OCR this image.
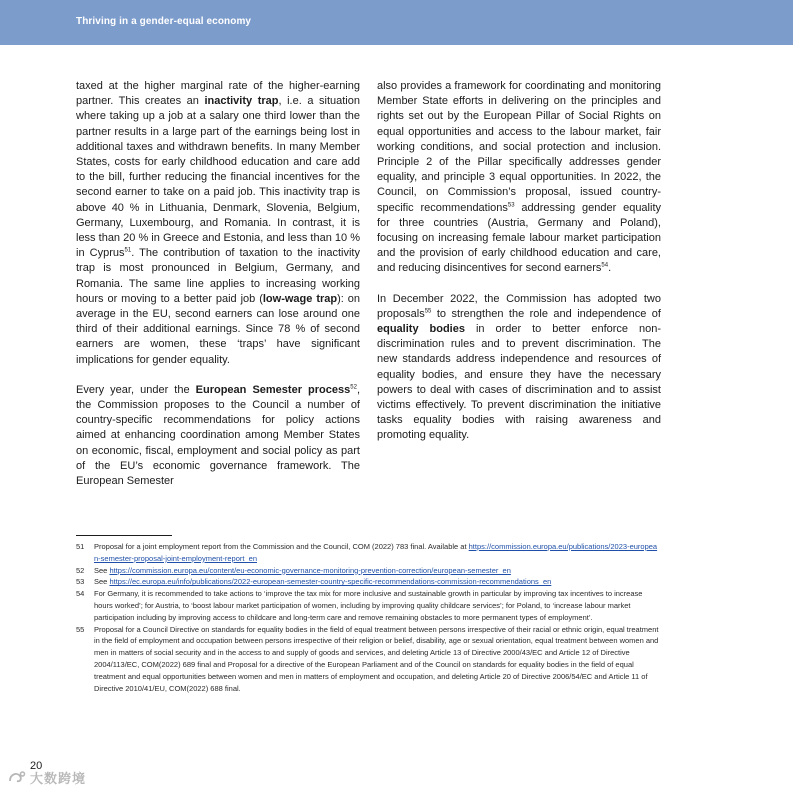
Thriving in a gender-equal economy

taxed at the higher marginal rate of the higher-earning partner. This creates an inactivity trap, i.e. a situation where taking up a job at a salary one third lower than the partner results in a large part of the earnings being lost in additional taxes and withdrawn benefits. In many Member States, costs for early childhood education and care add to the bill, further reducing the financial incentives for the second earner to take on a paid job. This inactivity trap is above 40 % in Lithuania, Denmark, Slovenia, Belgium, Germany, Luxembourg, and Romania. In contrast, it is less than 20 % in Greece and Estonia, and less than 10 % in Cyprus$^{51}$. The contribution of taxation to the inactivity trap is most pronounced in Belgium, Germany, and Romania. The same line applies to increasing working hours or moving to a better paid job (low-wage trap): on average in the EU, second earners can lose around one third of their additional earnings. Since 78 % of second earners are women, these ‘traps’ have significant implications for gender equality.

Every year, under the European Semester process$^{52}$, the Commission proposes to the Council a number of country-specific recommendations for policy actions aimed at enhancing coordination among Member States on economic, fiscal, employment and social policy as part of the EU’s economic governance framework. The European Semester

also provides a framework for coordinating and monitoring Member State efforts in delivering on the principles and rights set out by the European Pillar of Social Rights on equal opportunities and access to the labour market, fair working conditions, and social protection and inclusion. Principle 2 of the Pillar specifically addresses gender equality, and principle 3 equal opportunities. In 2022, the Council, on Commission’s proposal, issued country-specific recommendations$^{53}$ addressing gender equality for three countries (Austria, Germany and Poland), focusing on increasing female labour market participation and the provision of early childhood education and care, and reducing disincentives for second earners$^{54}$.

In December 2022, the Commission has adopted two proposals$^{55}$ to strengthen the role and independence of equality bodies in order to better enforce non-discrimination rules and to prevent discrimination. The new standards address independence and resources of equality bodies, and ensure they have the necessary powers to deal with cases of discrimination and to assist victims effectively. To prevent discrimination the initiative tasks equality bodies with raising awareness and promoting equality.

51	Proposal for a joint employment report from the Commission and the Council, COM (2022) 783 final. Available at https://commission.europa.eu/publications/2023-european-semester-proposal-joint-employment-report_en
52	See https://commission.europa.eu/content/eu-economic-governance-monitoring-prevention-correction/european-semester_en
53	See https://ec.europa.eu/info/publications/2022-european-semester-country-specific-recommendations-commission-recommendations_en
54	For Germany, it is recommended to take actions to ‘improve the tax mix for more inclusive and sustainable growth in particular by improving tax incentives to increase hours worked’; for Austria, to ‘boost labour market participation of women, including by improving quality childcare services’; for Poland, to ‘increase labour market participation including by improving access to childcare and long-term care and remove remaining obstacles to more permanent types of employment’.
55	Proposal for a Council Directive on standards for equality bodies in the field of equal treatment between persons irrespective of their racial or ethnic origin, equal treatment in the field of employment and occupation between persons irrespective of their religion or belief, disability, age or sexual orientation, equal treatment between women and men in matters of social security and in the access to and supply of goods and services, and deleting Article 13 of Directive 2000/43/EC and Article 12 of Directive 2004/113/EC, COM(2022) 689 final and Proposal for a directive of the European Parliament and of the Council on standards for equality bodies in the field of equal treatment and equal opportunities between women and men in matters of employment and occupation, and deleting Article 20 of Directive 2006/54/EC and Article 11 of Directive 2010/41/EU, COM(2022) 688 final.
20
大数跨境
